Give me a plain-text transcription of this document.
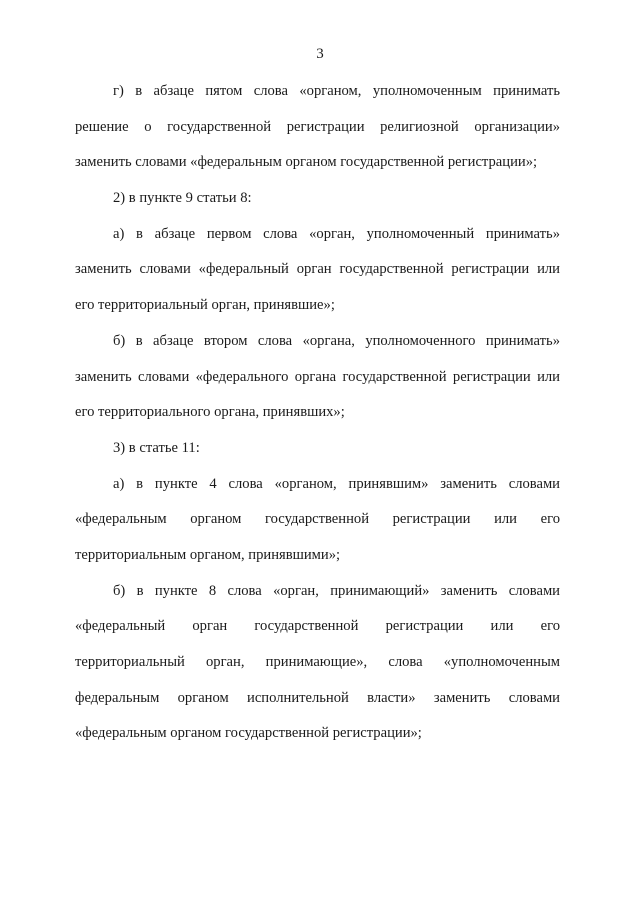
3
г) в абзаце пятом слова «органом, уполномоченным принимать
решение о государственной регистрации религиозной организации»
заменить словами «федеральным органом государственной регистрации»;
2) в пункте 9 статьи 8:
а) в абзаце первом слова «орган, уполномоченный принимать»
заменить словами «федеральный орган государственной регистрации или
его территориальный орган, принявшие»;
б) в абзаце втором слова «органа, уполномоченного принимать»
заменить словами «федерального органа государственной регистрации или
его территориального органа, принявших»;
3) в статье 11:
а) в пункте 4 слова «органом, принявшим» заменить словами
«федеральным органом государственной регистрации или его
территориальным органом, принявшими»;
б) в пункте 8 слова «орган, принимающий» заменить словами
«федеральный орган государственной регистрации или его
территориальный орган, принимающие», слова «уполномоченным
федеральным органом исполнительной власти» заменить словами
«федеральным органом государственной регистрации»;
